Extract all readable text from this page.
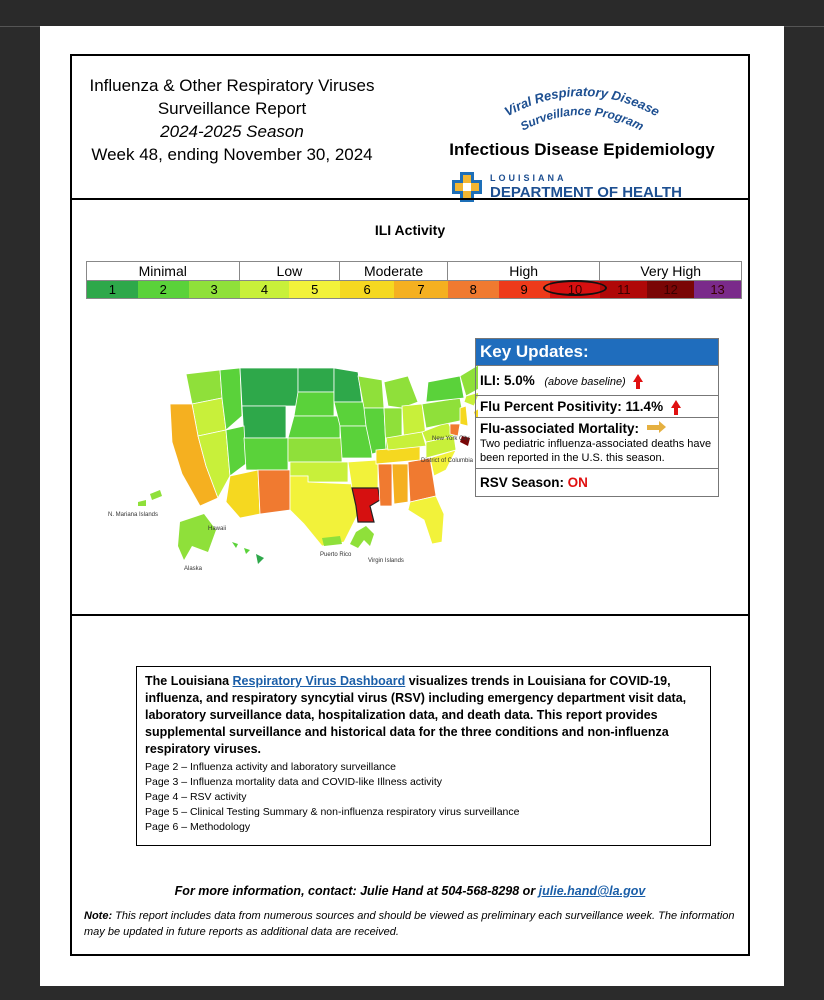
Influenza & Other Respiratory Viruses
Surveillance Report
2024-2025 Season
Week 48, ending November 30, 2024
Viral Respiratory Disease
Surveillance Program
Infectious Disease Epidemiology
LOUISIANA
DEPARTMENT OF HEALTH
ILI Activity
Minimal	Low	Moderate	High	Very High
1	2	3	4	5	6	7	8	9	10	11	12	13
N. Mariana Islands
New York City
District of Columbia
Hawaii
Alaska
Puerto Rico
Virgin Islands
Key Updates:
ILI: 5.0% (above baseline)
Flu Percent Positivity: 11.4%
Flu-associated Mortality:
Two pediatric influenza-associated deaths have been reported in the U.S. this season.
RSV Season: ON
The Louisiana Respiratory Virus Dashboard visualizes trends in Louisiana for COVID-19, influenza, and respiratory syncytial virus (RSV) including emergency department visit data, laboratory surveillance data, hospitalization data, and death data. This report provides supplemental surveillance and historical data for the three conditions and non-influenza respiratory viruses.
Page 2 – Influenza activity and laboratory surveillance
Page 3 – Influenza mortality data and COVID-like Illness activity
Page 4 – RSV activity
Page 5 – Clinical Testing Summary & non-influenza respiratory virus surveillance
Page 6 – Methodology
For more information, contact: Julie Hand at 504-568-8298 or julie.hand@la.gov
Note: This report includes data from numerous sources and should be viewed as preliminary each surveillance week. The information may be updated in future reports as additional data are received.
